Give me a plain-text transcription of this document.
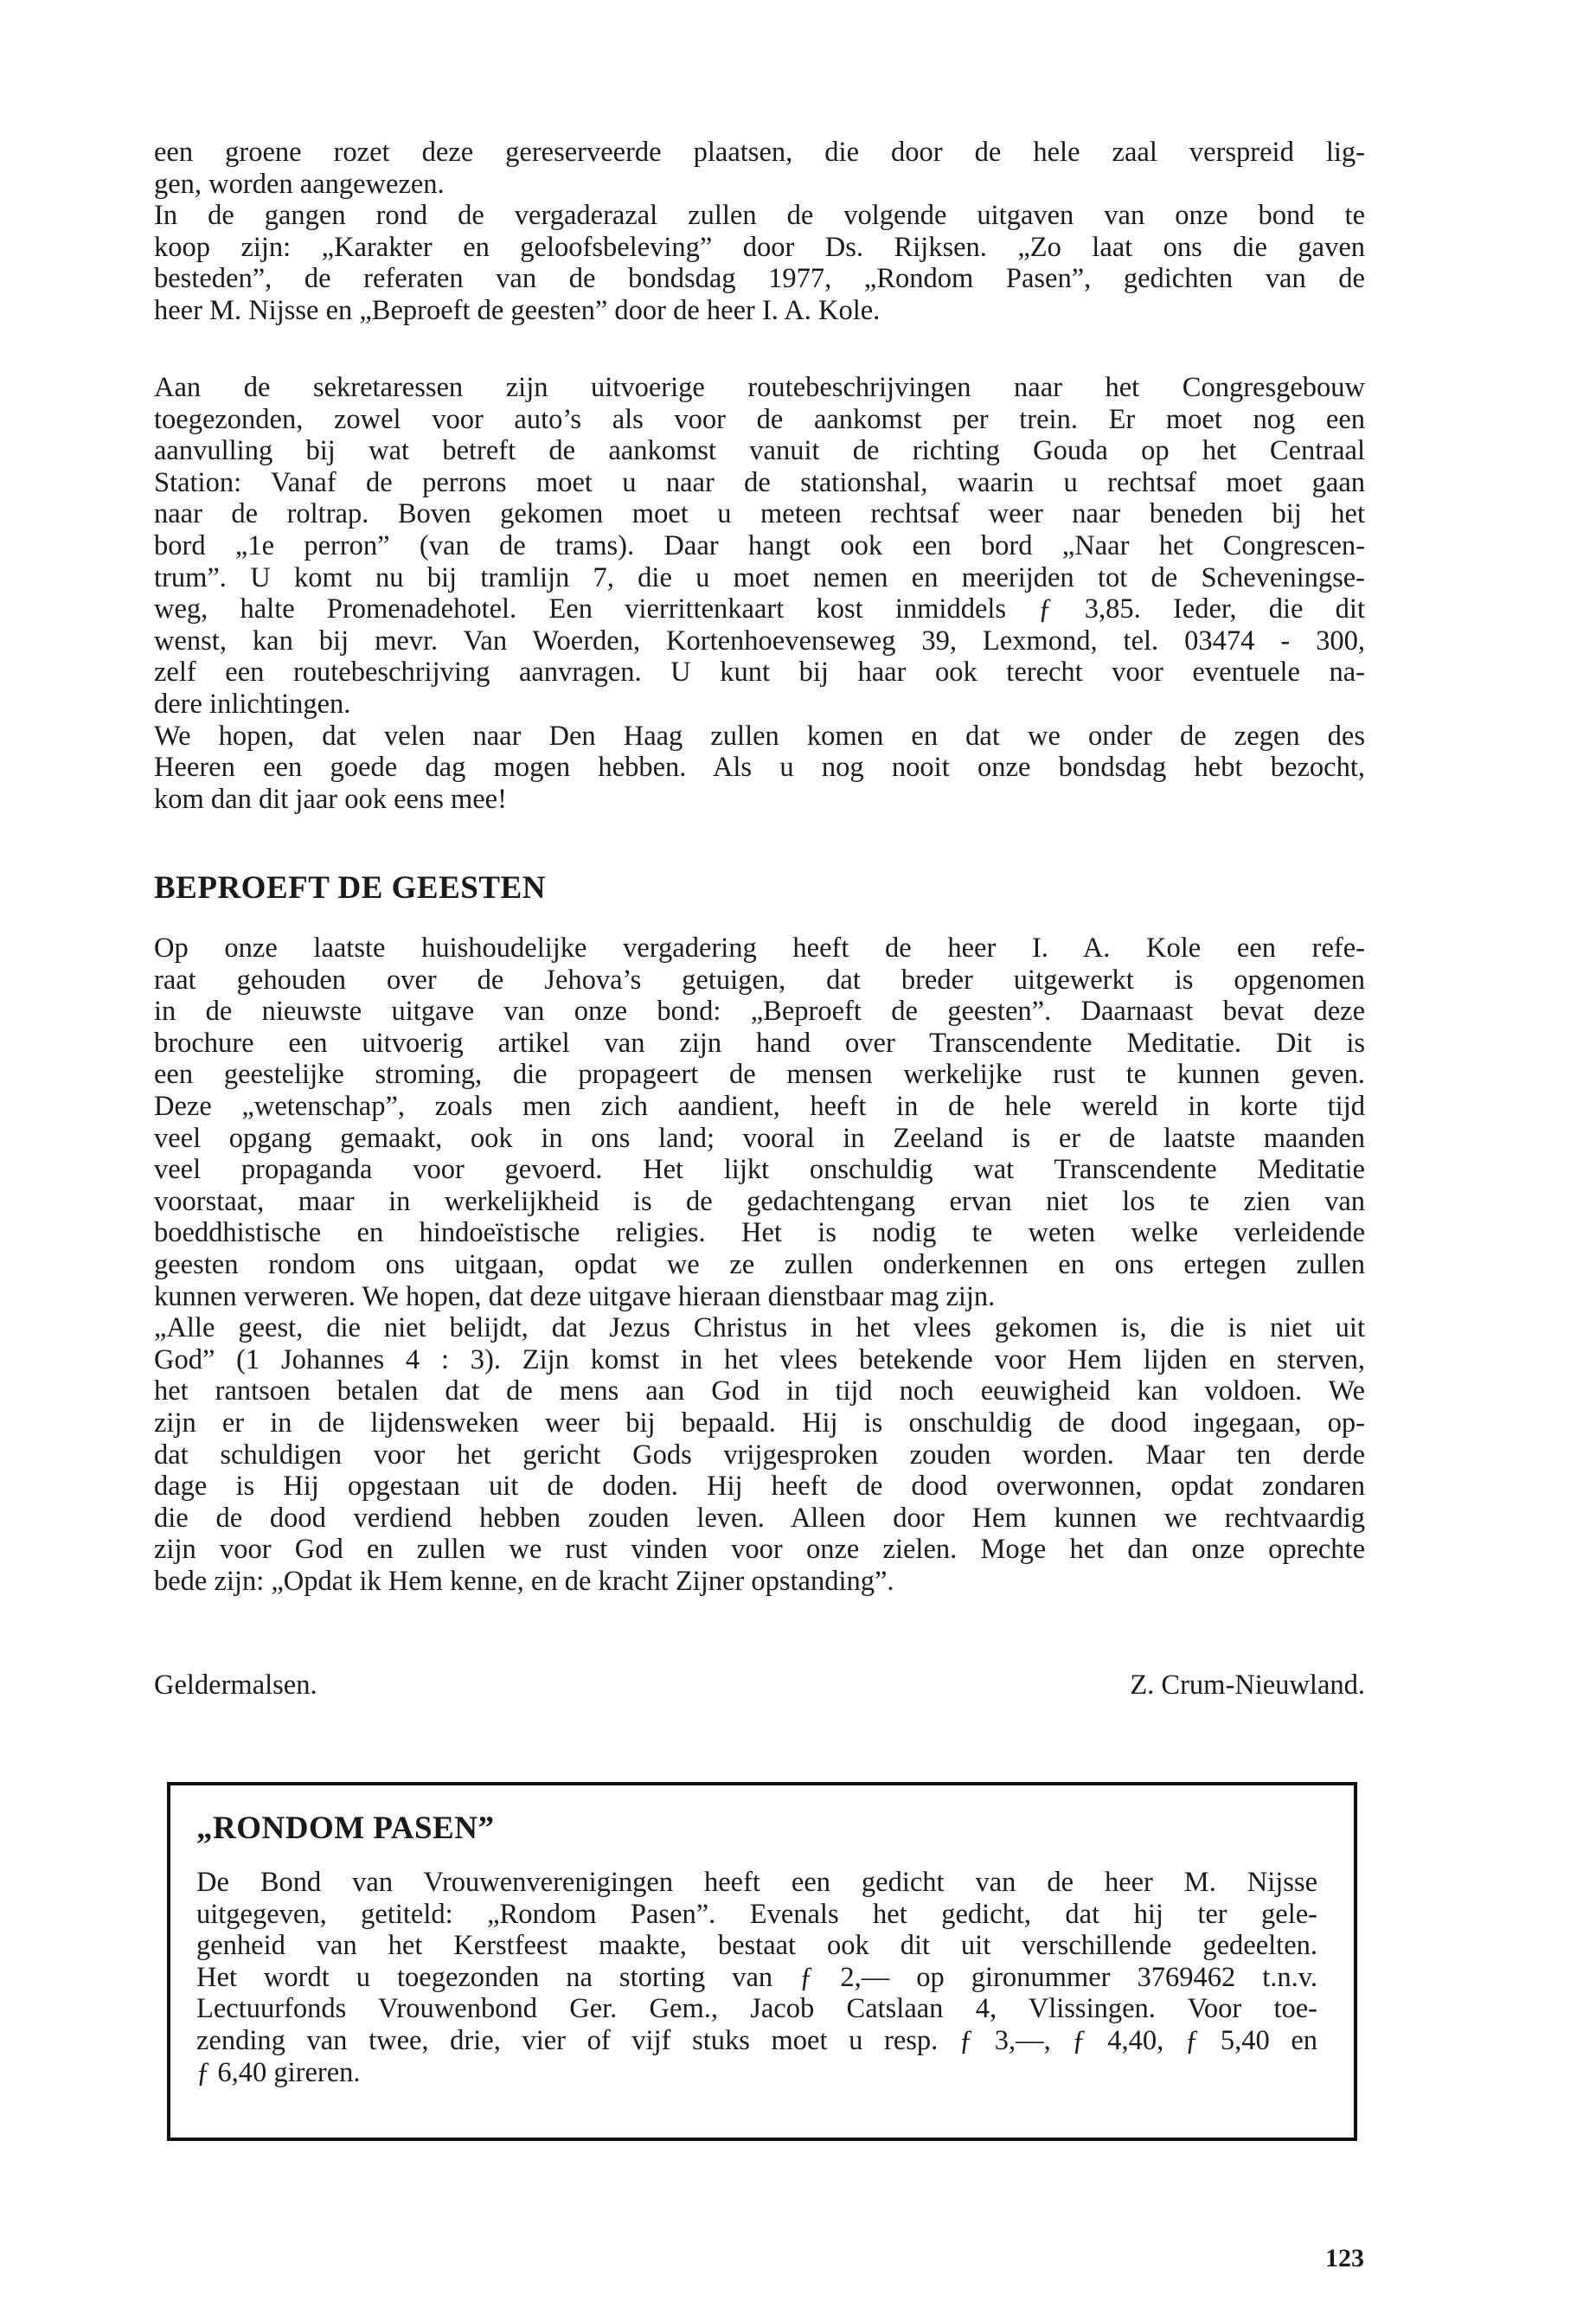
een groene rozet deze gereserveerde plaatsen, die door de hele zaal verspreid lig-
gen, worden aangewezen.
In de gangen rond de vergaderazal zullen de volgende uitgaven van onze bond te
koop zijn: „Karakter en geloofsbeleving” door Ds. Rijksen. „Zo laat ons die gaven
besteden”, de referaten van de bondsdag 1977, „Rondom Pasen”, gedichten van de
heer M. Nijsse en „Beproeft de geesten” door de heer I. A. Kole.
Aan de sekretaressen zijn uitvoerige routebeschrijvingen naar het Congresgebouw
toegezonden, zowel voor auto’s als voor de aankomst per trein. Er moet nog een
aanvulling bij wat betreft de aankomst vanuit de richting Gouda op het Centraal
Station: Vanaf de perrons moet u naar de stationshal, waarin u rechtsaf moet gaan
naar de roltrap. Boven gekomen moet u meteen rechtsaf weer naar beneden bij het
bord „1e perron” (van de trams). Daar hangt ook een bord „Naar het Congrescen-
trum”. U komt nu bij tramlijn 7, die u moet nemen en meerijden tot de Scheveningse-
weg, halte Promenadehotel. Een vierrittenkaart kost inmiddels ƒ 3,85. Ieder, die dit
wenst, kan bij mevr. Van Woerden, Kortenhoevenseweg 39, Lexmond, tel. 03474 - 300,
zelf een routebeschrijving aanvragen. U kunt bij haar ook terecht voor eventuele na-
dere inlichtingen.
We hopen, dat velen naar Den Haag zullen komen en dat we onder de zegen des
Heeren een goede dag mogen hebben. Als u nog nooit onze bondsdag hebt bezocht,
kom dan dit jaar ook eens mee!
BEPROEFT DE GEESTEN
Op onze laatste huishoudelijke vergadering heeft de heer I. A. Kole een refe-
raat gehouden over de Jehova’s getuigen, dat breder uitgewerkt is opgenomen
in de nieuwste uitgave van onze bond: „Beproeft de geesten”. Daarnaast bevat deze
brochure een uitvoerig artikel van zijn hand over Transcendente Meditatie. Dit is
een geestelijke stroming, die propageert de mensen werkelijke rust te kunnen geven.
Deze „wetenschap”, zoals men zich aandient, heeft in de hele wereld in korte tijd
veel opgang gemaakt, ook in ons land; vooral in Zeeland is er de laatste maanden
veel propaganda voor gevoerd. Het lijkt onschuldig wat Transcendente Meditatie
voorstaat, maar in werkelijkheid is de gedachtengang ervan niet los te zien van
boeddhistische en hindoeïstische religies. Het is nodig te weten welke verleidende
geesten rondom ons uitgaan, opdat we ze zullen onderkennen en ons ertegen zullen
kunnen verweren. We hopen, dat deze uitgave hieraan dienstbaar mag zijn.
„Alle geest, die niet belijdt, dat Jezus Christus in het vlees gekomen is, die is niet uit
God” (1 Johannes 4 : 3). Zijn komst in het vlees betekende voor Hem lijden en sterven,
het rantsoen betalen dat de mens aan God in tijd noch eeuwigheid kan voldoen. We
zijn er in de lijdensweken weer bij bepaald. Hij is onschuldig de dood ingegaan, op-
dat schuldigen voor het gericht Gods vrijgesproken zouden worden. Maar ten derde
dage is Hij opgestaan uit de doden. Hij heeft de dood overwonnen, opdat zondaren
die de dood verdiend hebben zouden leven. Alleen door Hem kunnen we rechtvaardig
zijn voor God en zullen we rust vinden voor onze zielen. Moge het dan onze oprechte
bede zijn: „Opdat ik Hem kenne, en de kracht Zijner opstanding”.
Geldermalsen.	Z. Crum-Nieuwland.
„RONDOM PASEN”
De Bond van Vrouwenverenigingen heeft een gedicht van de heer M. Nijsse
uitgegeven, getiteld: „Rondom Pasen”. Evenals het gedicht, dat hij ter gele-
genheid van het Kerstfeest maakte, bestaat ook dit uit verschillende gedeelten.
Het wordt u toegezonden na storting van ƒ 2,— op gironummer 3769462 t.n.v.
Lectuurfonds Vrouwenbond Ger. Gem., Jacob Catslaan 4, Vlissingen. Voor toe-
zending van twee, drie, vier of vijf stuks moet u resp. ƒ 3,—, ƒ 4,40, ƒ 5,40 en
ƒ 6,40 gireren.
123
